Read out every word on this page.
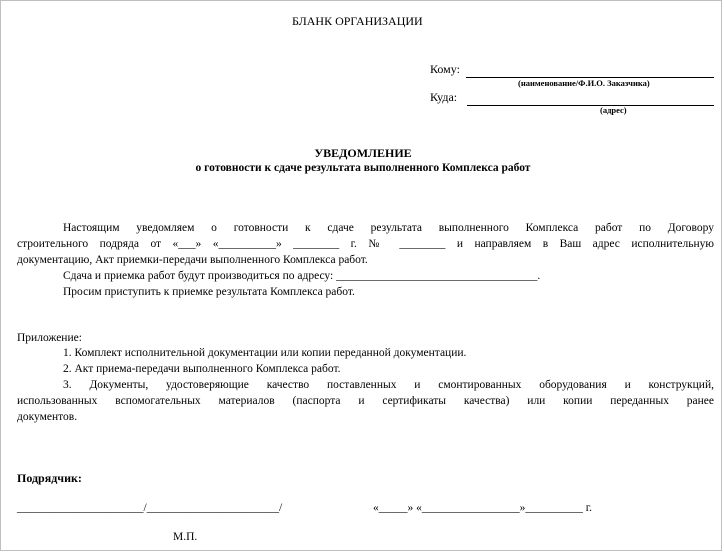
БЛАНК ОРГАНИЗАЦИИ
Кому:
(наименование/Ф.И.О. Заказчика)
Куда:
(адрес)
УВЕДОМЛЕНИЕ
о готовности к сдаче результата выполненного Комплекса работ
Настоящим уведомляем о готовности к сдаче результата выполненного Комплекса работ по Договору
строительного подряда от «___» «__________» ________ г. № ________ и направляем в Ваш адрес исполнительную
документацию, Акт приемки-передачи выполненного Комплекса работ.
Сдача и приемка работ будут производиться по адресу: ___________________________________.
Просим приступить к приемке результата Комплекса работ.
Приложение:
1. Комплект исполнительной документации или копии переданной документации.
2. Акт приема-передачи выполненного Комплекса работ.
3. Документы, удостоверяющие качество поставленных и смонтированных оборудования и конструкций,
использованных вспомогательных материалов (паспорта и сертификаты качества) или копии переданных ранее
документов.
Подрядчик:
______________________/_______________________/	«_____» «_________________»__________ г.
М.П.
